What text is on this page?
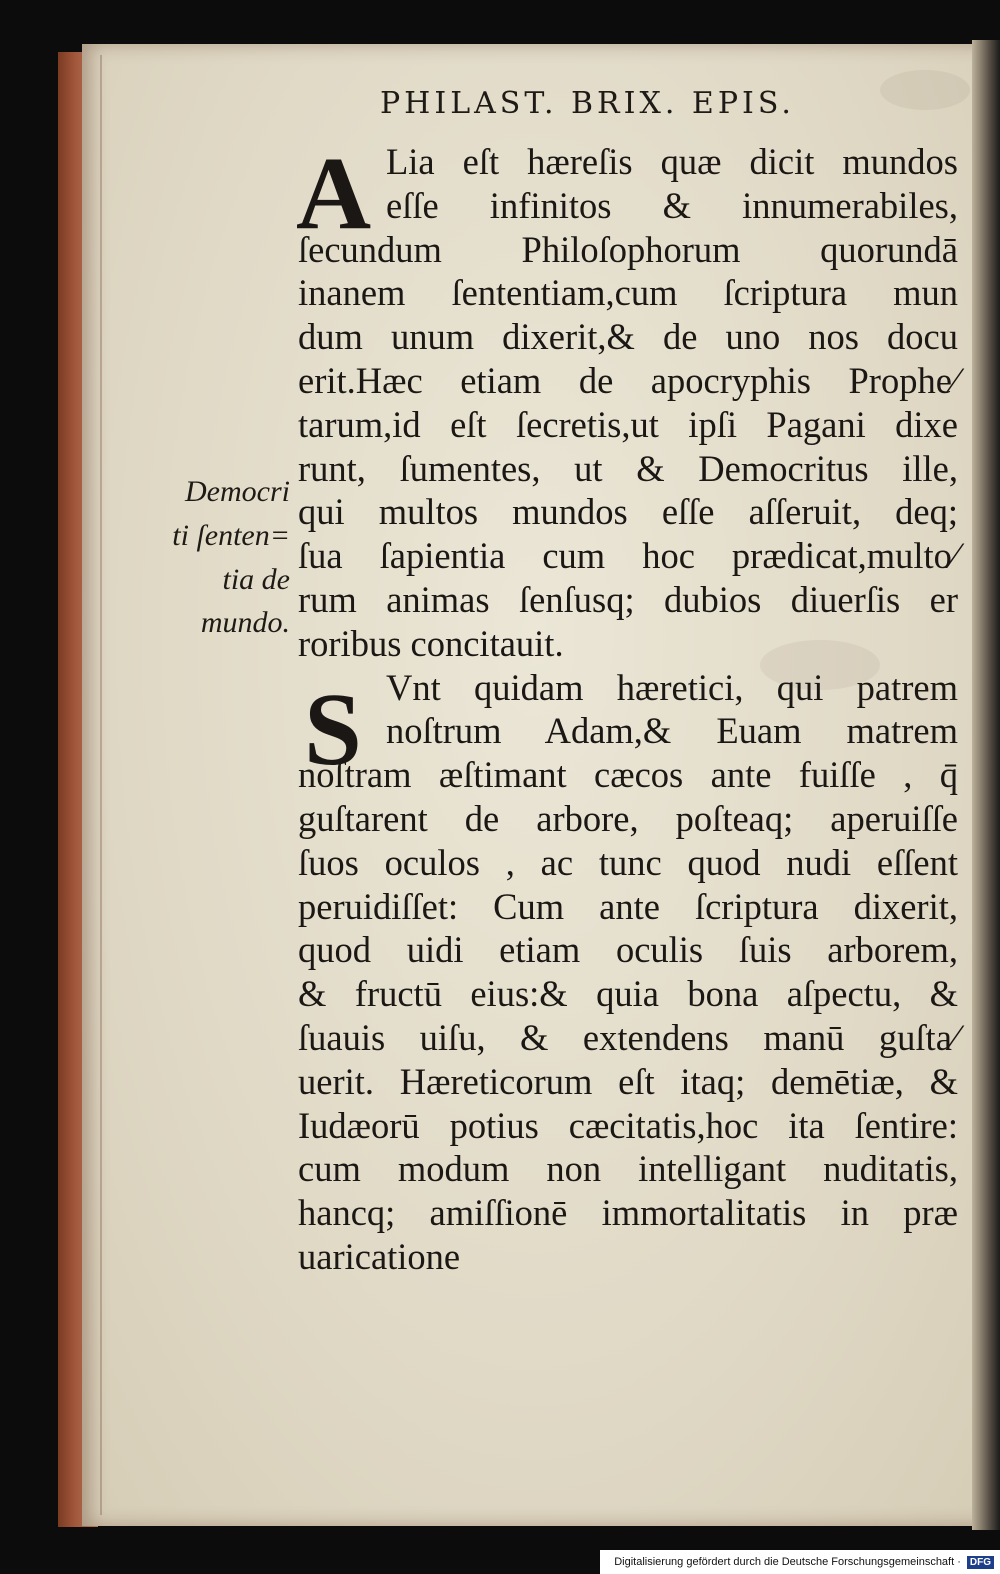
PHILAST. BRIX. EPIS.
Democri
ti ſenten=
tia de
mundo.
A
S
Lia eſt hæreſis quæ dicit mundos
eſſe infinitos & innumerabiles,
ſecundum Philoſophorum quorundā
inanem ſententiam,cum ſcriptura mun
dum unum dixerit,& de uno nos docu
erit.Hæc etiam de apocryphis Prophe⁄
tarum,id eſt ſecretis,ut ipſi Pagani dixe
runt, ſumentes, ut & Democritus ille,
qui multos mundos eſſe aſſeruit, deq;
ſua ſapientia cum hoc prædicat,multo⁄
rum animas ſenſusq; dubios diuerſis er
roribus concitauit.
Vnt quidam hæretici, qui patrem
noſtrum Adam,& Euam matrem
noſtram æſtimant cæcos ante fuiſſe , q̄
guſtarent de arbore, poſteaq; aperuiſſe
ſuos oculos , ac tunc quod nudi eſſent
peruidiſſet: Cum ante ſcriptura dixerit,
quod uidi etiam oculis ſuis arborem,
& fructū eius:& quia bona aſpectu, &
ſuauis uiſu, & extendens manū guſta⁄
uerit. Hæreticorum eſt itaq; demētiæ, &
Iudæorū potius cæcitatis,hoc ita ſentire:
cum modum non intelligant nuditatis,
hancq; amiſſionē immortalitatis in præ
uaricatione
Digitalisierung gefördert durch die Deutsche Forschungsgemeinschaft · DFG
